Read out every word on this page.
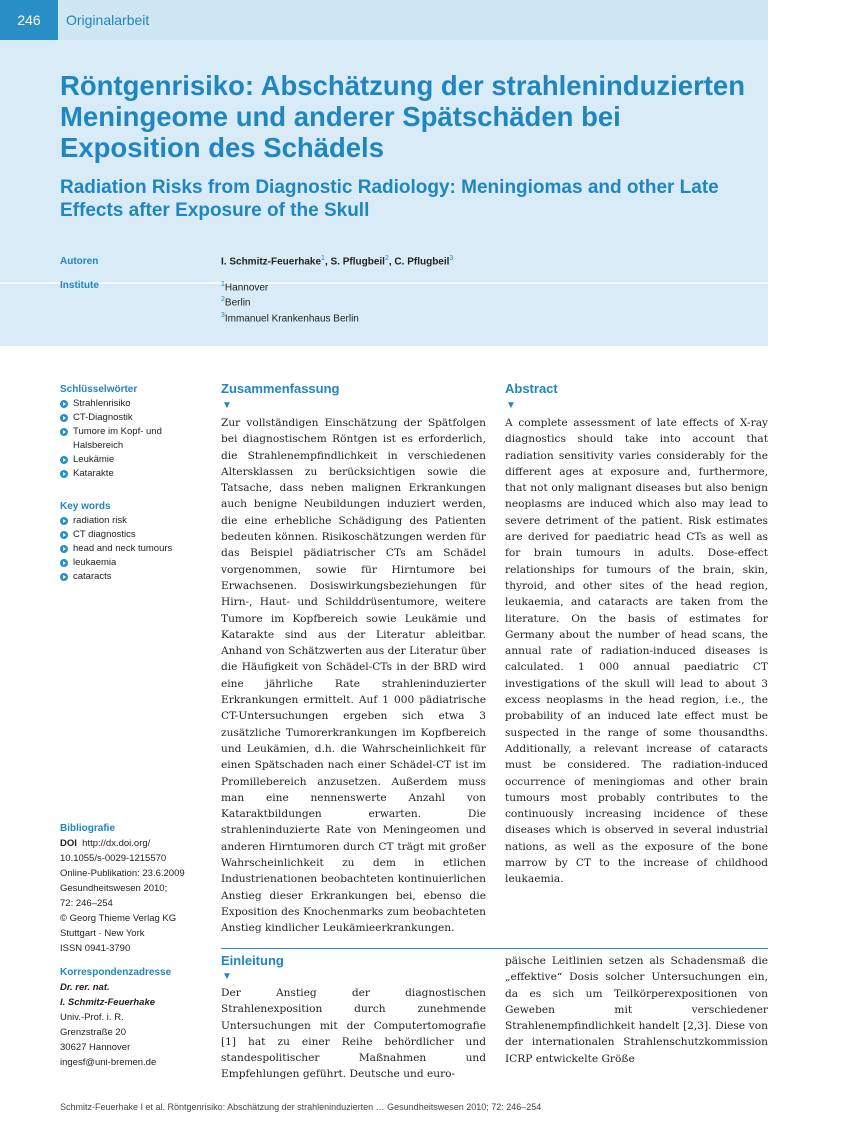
246	Originalarbeit
Röntgenrisiko: Abschätzung der strahleninduzierten Meningeome und anderer Spätschäden bei Exposition des Schädels
Radiation Risks from Diagnostic Radiology: Meningiomas and other Late Effects after Exposure of the Skull
Autoren	I. Schmitz-Feuerhake$^1$, S. Pflugbeil$^2$, C. Pflugbeil$^3$
Institute	$^1$Hannover
$^2$Berlin
$^3$Immanuel Krankenhaus Berlin
Schlüsselwörter
Strahlenrisiko
CT-Diagnostik
Tumore im Kopf- und Halsbereich
Leukämie
Katarakte
Key words
radiation risk
CT diagnostics
head and neck tumours
leukaemia
cataracts
Bibliografie
DOI http://dx.doi.org/
10.1055/s-0029-1215570
Online-Publikation: 23.6.2009
Gesundheitswesen 2010;
72: 246–254
© Georg Thieme Verlag KG
Stuttgart · New York
ISSN 0941-3790
Korrespondenzadresse
Dr. rer. nat.
I. Schmitz-Feuerhake
Univ.-Prof. i. R.
Grenzstraße 20
30627 Hannover
ingesf@uni-bremen.de
Zusammenfassung
▼

Zur vollständigen Einschätzung der Spätfolgen bei diagnostischem Röntgen ist es erforderlich, die Strahlenempfindlichkeit in verschiedenen Altersklassen zu berücksichtigen sowie die Tatsache, dass neben malignen Erkrankungen auch benigne Neubildungen induziert werden, die eine erhebliche Schädigung des Patienten bedeuten können. Risikoschätzungen werden für das Beispiel pädiatrischer CTs am Schädel vorgenommen, sowie für Hirntumore bei Erwachsenen. Dosiswirkungsbeziehungen für Hirn-, Haut- und Schilddrüsentumore, weitere Tumore im Kopfbereich sowie Leukämie und Katarakte sind aus der Literatur ableitbar. Anhand von Schätzwerten aus der Literatur über die Häufigkeit von Schädel-CTs in der BRD wird eine jährliche Rate strahleninduzierter Erkrankungen ermittelt. Auf 1 000 pädiatrische CT-Untersuchungen ergeben sich etwa 3 zusätzliche Tumorerkrankungen im Kopfbereich und Leukämien, d.h. die Wahrscheinlichkeit für einen Spätschaden nach einer Schädel-CT ist im Promillebereich anzusetzen. Außerdem muss man eine nennenswerte Anzahl von Kataraktbildungen erwarten. Die strahleninduzierte Rate von Meningeomen und anderen Hirntumoren durch CT trägt mit großer Wahrscheinlichkeit zu dem in etlichen Industrienationen beobachteten kontinuierlichen Anstieg dieser Erkrankungen bei, ebenso die Exposition des Knochenmarks zum beobachteten Anstieg kindlicher Leukämieerkrankungen.

Abstract
▼

A complete assessment of late effects of X-ray diagnostics should take into account that radiation sensitivity varies considerably for the different ages at exposure and, furthermore, that not only malignant diseases but also benign neoplasms are induced which also may lead to severe detriment of the patient. Risk estimates are derived for paediatric head CTs as well as for brain tumours in adults. Dose-effect relationships for tumours of the brain, skin, thyroid, and other sites of the head region, leukaemia, and cataracts are taken from the literature. On the basis of estimates for Germany about the number of head scans, the annual rate of radiation-induced diseases is calculated. 1 000 annual paediatric CT investigations of the skull will lead to about 3 excess neoplasms in the head region, i.e., the probability of an induced late effect must be suspected in the range of some thousandths. Additionally, a relevant increase of cataracts must be considered. The radiation-induced occurrence of meningiomas and other brain tumours most probably contributes to the continuously increasing incidence of these diseases which is observed in several industrial nations, as well as the exposure of the bone marrow by CT to the increase of childhood leukaemia.

Einleitung
▼

Der Anstieg der diagnostischen Strahlenexposition durch zunehmende Untersuchungen mit der Computertomografie [1] hat zu einer Reihe behördlicher und standespolitischer Maßnahmen und Empfehlungen geführt. Deutsche und euro-

päische Leitlinien setzen als Schadensmaß die „effektive“ Dosis solcher Untersuchungen ein, da es sich um Teilkörperexpositionen von Geweben mit verschiedener Strahlenempfindlichkeit handelt [2,3]. Diese von der internationalen Strahlenschutzkommission ICRP entwickelte Größe

Schmitz-Feuerhake I et al. Röntgenrisiko: Abschätzung der strahleninduzierten … Gesundheitswesen 2010; 72: 246–254
